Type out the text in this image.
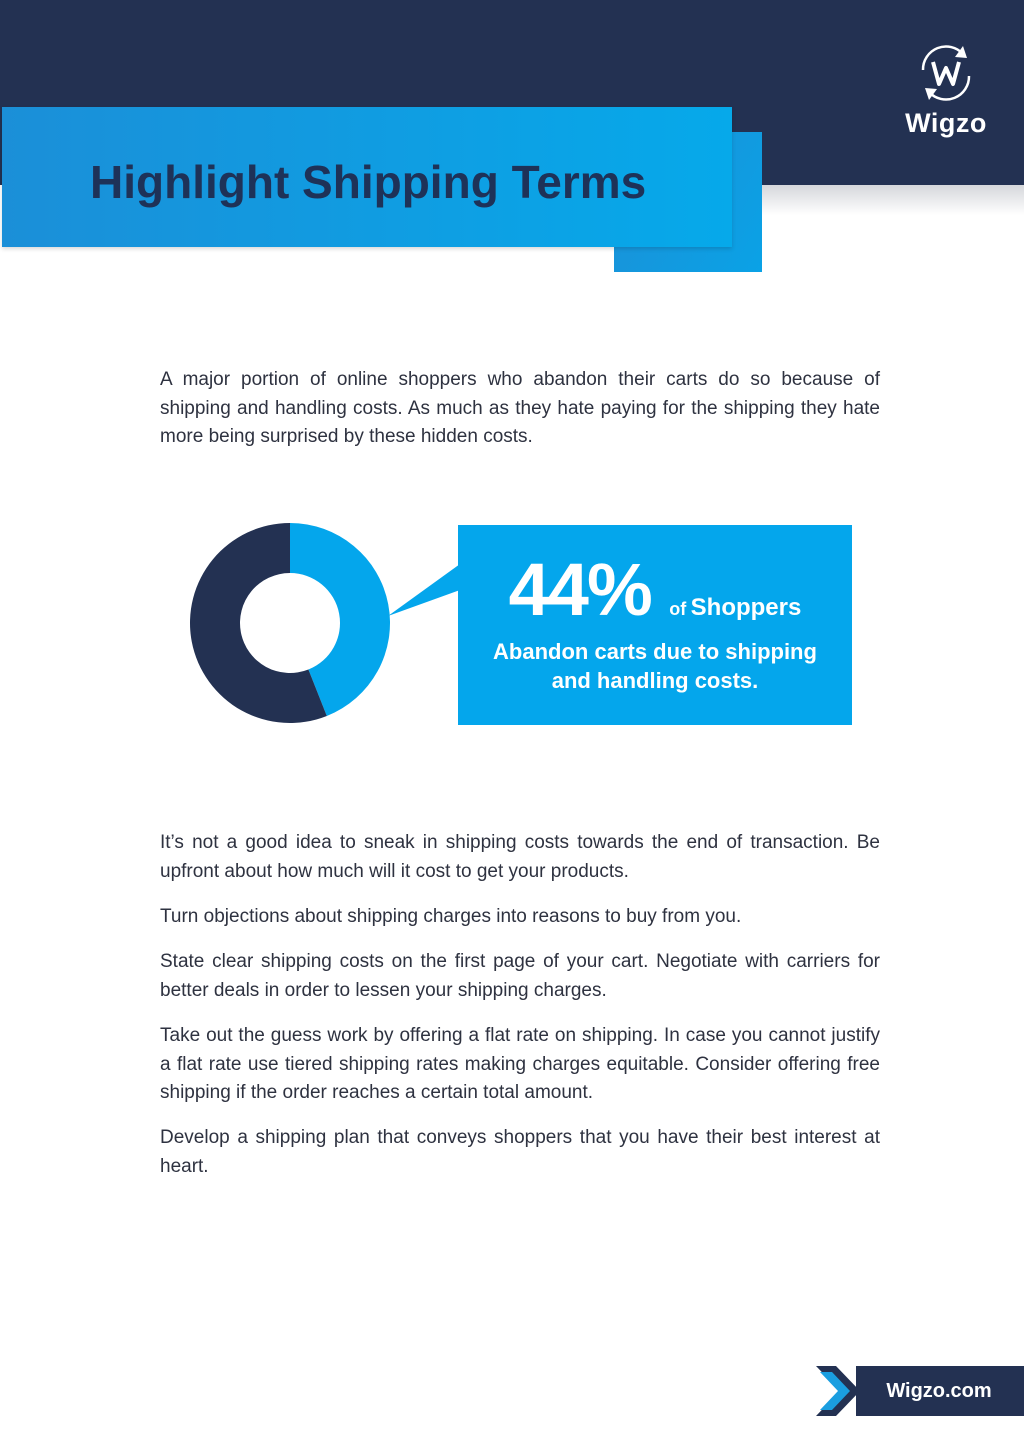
Wigzo
Highlight Shipping Terms

A major portion of online shoppers who abandon their carts do so because of shipping and handling costs. As much as they hate paying for the shipping they hate more being surprised by these hidden costs.

44% of Shoppers
Abandon carts due to shipping and handling costs.

It’s not a good idea to sneak in shipping costs towards the end of transaction. Be upfront about how much will it cost to get your products.

Turn objections about shipping charges into reasons to buy from you.

State clear shipping costs on the first page of your cart. Negotiate with carriers for better deals in order to lessen your shipping charges.

Take out the guess work by offering a flat rate on shipping. In case you cannot justify a flat rate use tiered shipping rates making charges equitable. Consider offering free shipping if the order reaches a certain total amount.

Develop a shipping plan that conveys shoppers that you have their best interest at heart.

Wigzo.com
